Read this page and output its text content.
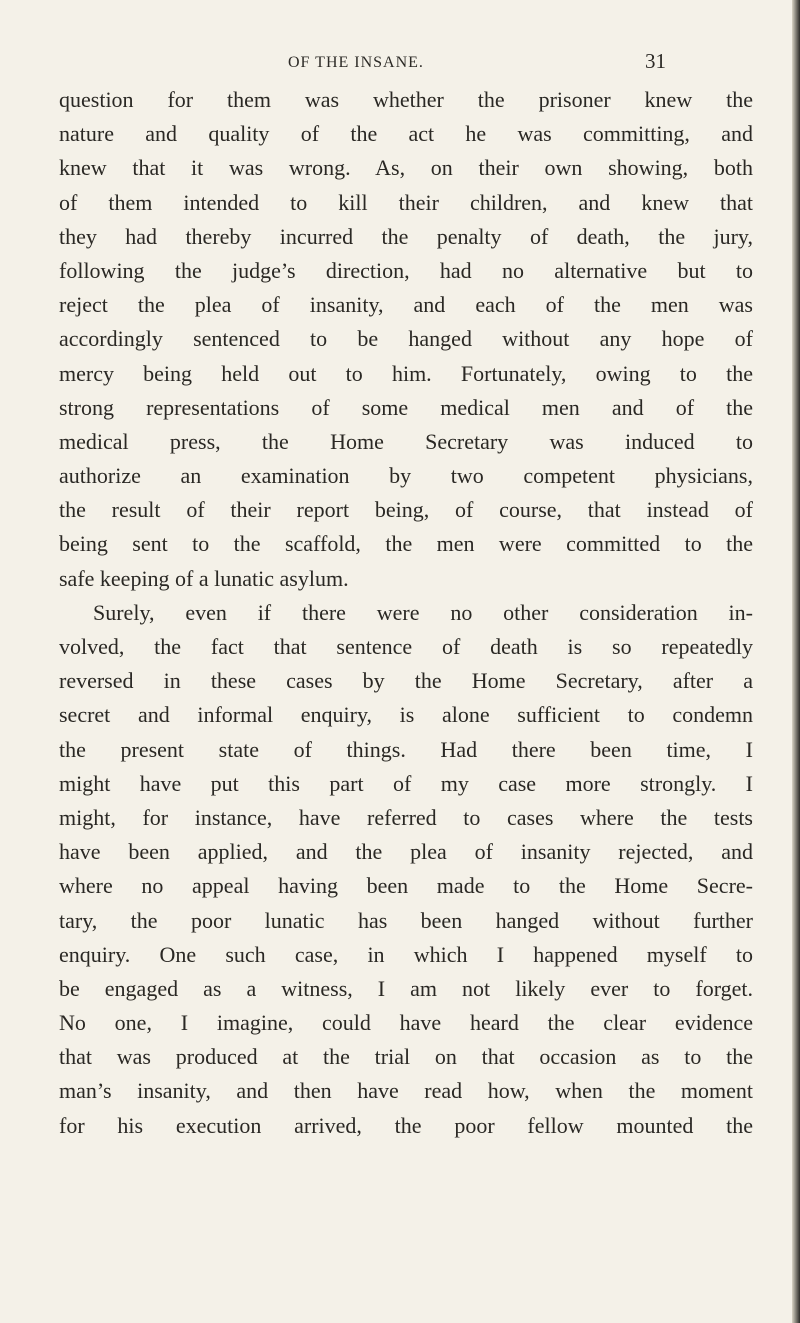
OF THE INSANE.	31
question for them was whether the prisoner knew the
nature and quality of the act he was committing, and
knew that it was wrong. As, on their own showing, both
of them intended to kill their children, and knew that
they had thereby incurred the penalty of death, the jury,
following the judge’s direction, had no alternative but to
reject the plea of insanity, and each of the men was
accordingly sentenced to be hanged without any hope of
mercy being held out to him. Fortunately, owing to the
strong representations of some medical men and of the
medical press, the Home Secretary was induced to
authorize an examination by two competent physicians,
the result of their report being, of course, that instead of
being sent to the scaffold, the men were committed to the
safe keeping of a lunatic asylum.
Surely, even if there were no other consideration in-
volved, the fact that sentence of death is so repeatedly
reversed in these cases by the Home Secretary, after a
secret and informal enquiry, is alone sufficient to condemn
the present state of things. Had there been time, I
might have put this part of my case more strongly. I
might, for instance, have referred to cases where the tests
have been applied, and the plea of insanity rejected, and
where no appeal having been made to the Home Secre-
tary, the poor lunatic has been hanged without further
enquiry. One such case, in which I happened myself to
be engaged as a witness, I am not likely ever to forget.
No one, I imagine, could have heard the clear evidence
that was produced at the trial on that occasion as to the
man’s insanity, and then have read how, when the moment
for his execution arrived, the poor fellow mounted the
